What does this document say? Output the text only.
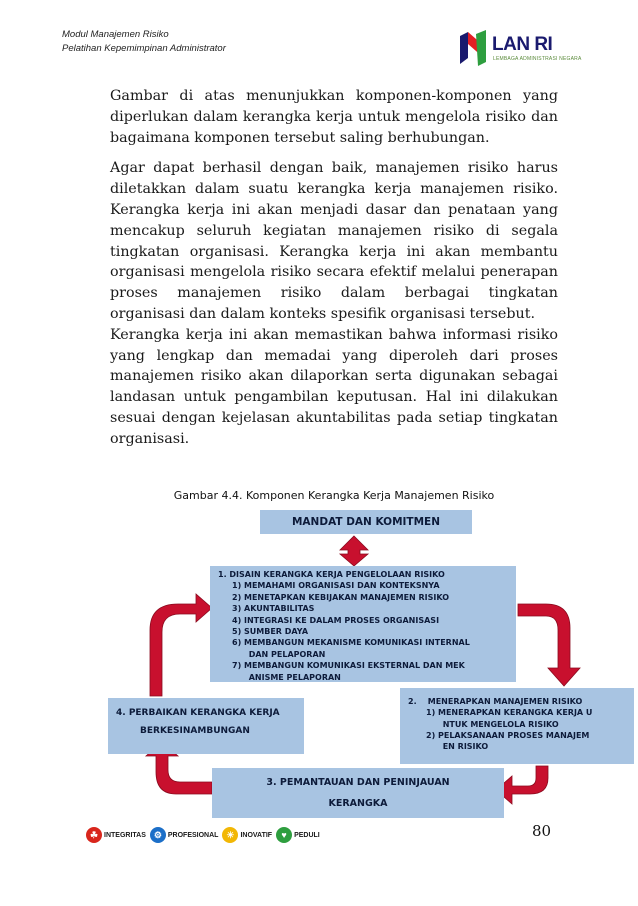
Modul Manajemen Risiko
Pelatihan Kepemimpinan Administrator	LAN RI
LEMBAGA ADMINISTRASI NEGARA

Gambar di atas menunjukkan komponen-komponen yang diperlukan dalam kerangka kerja untuk mengelola risiko dan bagaimana komponen tersebut saling berhubungan.

Agar dapat berhasil dengan baik, manajemen risiko harus diletakkan dalam suatu kerangka kerja manajemen risiko. Kerangka kerja ini akan menjadi dasar dan penataan yang mencakup seluruh kegiatan manajemen risiko di segala tingkatan organisasi. Kerangka kerja ini akan membantu organisasi mengelola risiko secara efektif melalui penerapan proses manajemen risiko dalam berbagai tingkatan organisasi dan dalam konteks spesifik organisasi tersebut.

Kerangka kerja ini akan memastikan bahwa informasi risiko yang lengkap dan memadai yang diperoleh dari proses manajemen risiko akan dilaporkan serta digunakan sebagai landasan untuk pengambilan keputusan. Hal ini dilakukan sesuai dengan kejelasan akuntabilitas pada setiap tingkatan organisasi.

Gambar 4.4. Komponen Kerangka Kerja Manajemen Risiko
MANDAT DAN KOMITMEN
1. DISAIN KERANGKA KERJA PENGELOLAAN RISIKO
1) MEMAHAMI ORGANISASI DAN KONTEKSNYA
2) MENETAPKAN KEBIJAKAN MANAJEMEN RISIKO
3) AKUNTABILITAS
4) INTEGRASI KE DALAM PROSES ORGANISASI
5) SUMBER DAYA
6) MEMBANGUN MEKANISME KOMUNIKASI INTERNAL
DAN PELAPORAN
7) MEMBANGUN KOMUNIKASI EKSTERNAL DAN MEK
ANISME PELAPORAN
4. PERBAIKAN KERANGKA KERJA
BERKESINAMBUNGAN
2.    MENERAPKAN MANAJEMEN RISIKO
1) MENERAPKAN KERANGKA KERJA U
NTUK MENGELOLA RISIKO
2) PELAKSANAAN PROSES MANAJEM
EN RISIKO
3. PEMANTAUAN DAN PENINJAUAN
KERANGKA
☘ INTEGRITAS ⚙ PROFESIONAL ☀ INOVATIF	♥	PEDULI	80
